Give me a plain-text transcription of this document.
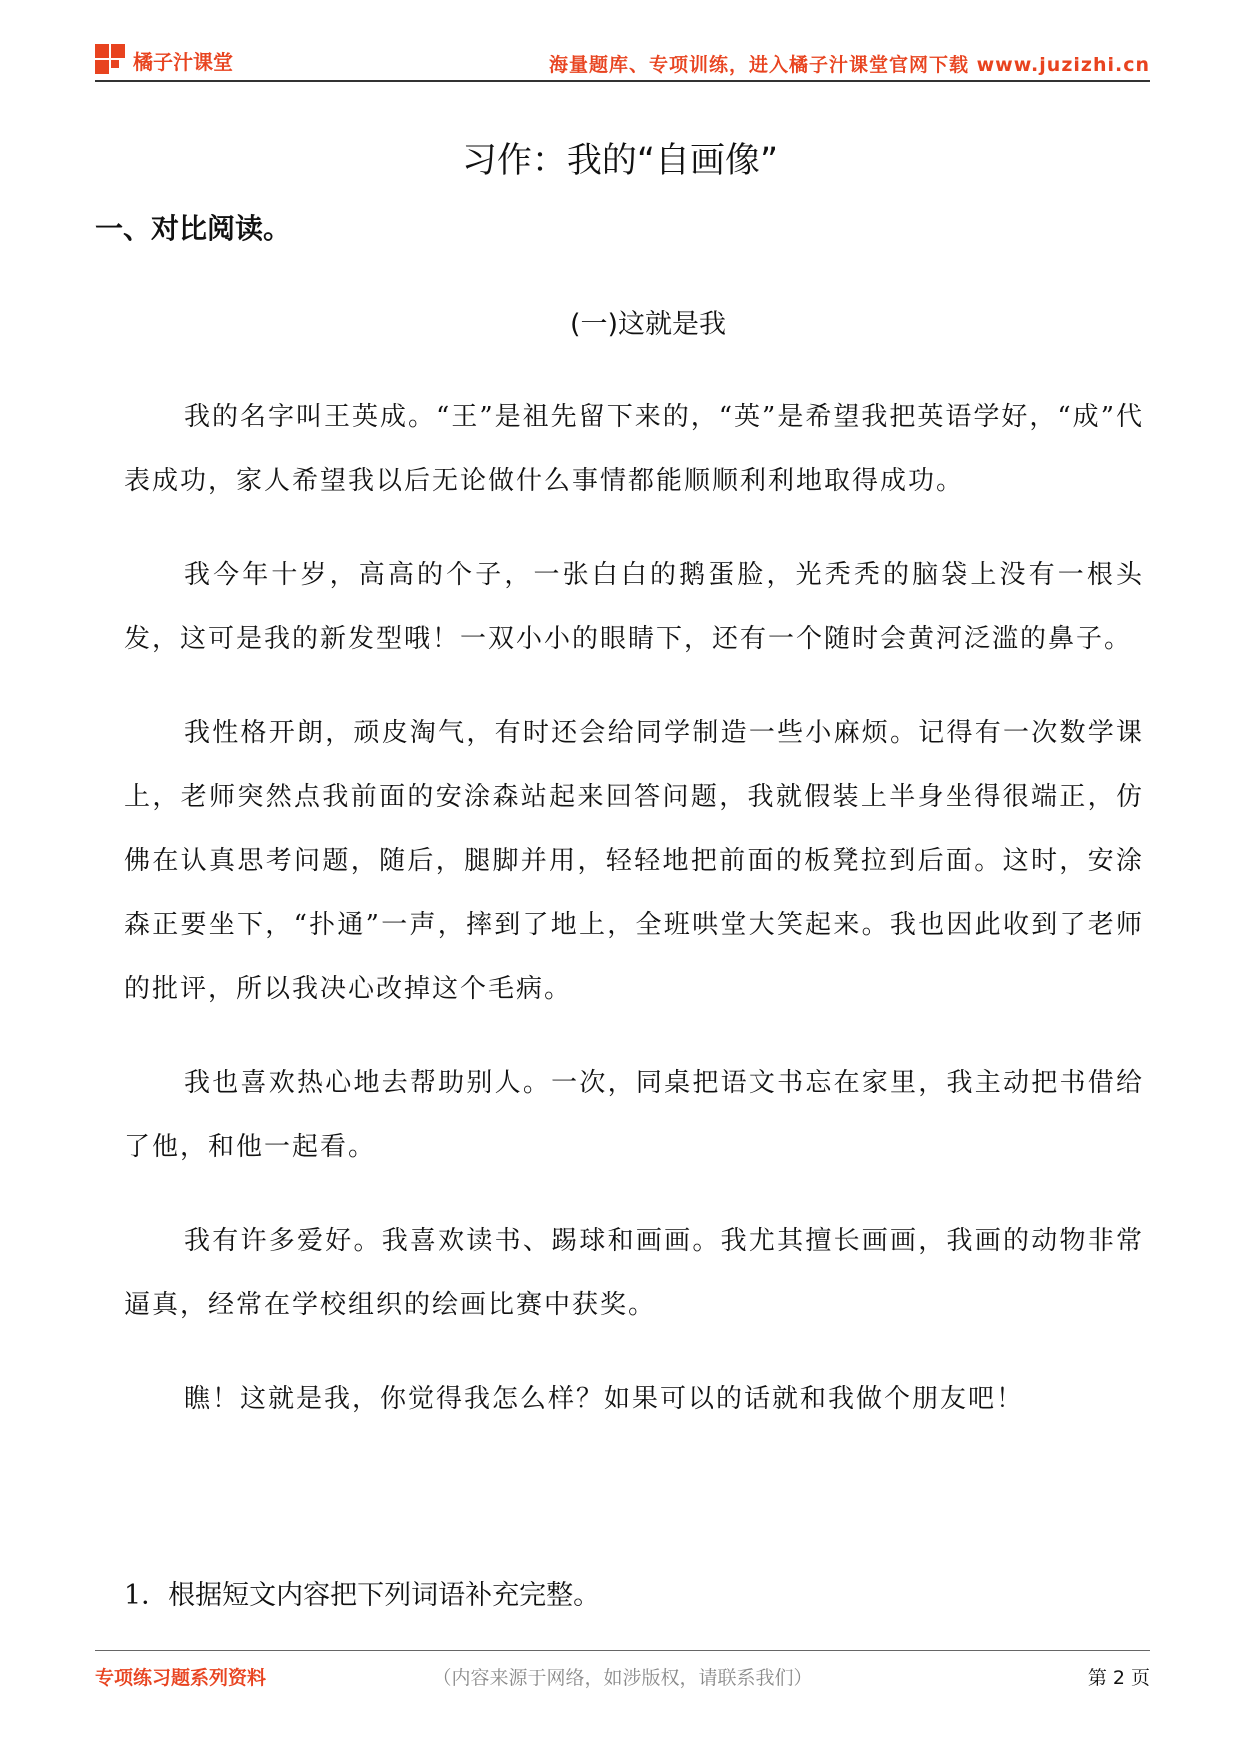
橘子汁课堂	海量题库、专项训练，进入橘子汁课堂官网下载 www.juzizhi.cn
习作：我的“自画像”
一、对比阅读。
(一)这就是我

我的名字叫王英成。“王”是祖先留下来的，“英”是希望我把英语学好，“成”代表成功，家人希望我以后无论做什么事情都能顺顺利利地取得成功。

我今年十岁，高高的个子，一张白白的鹅蛋脸，光秃秃的脑袋上没有一根头发，这可是我的新发型哦！一双小小的眼睛下，还有一个随时会黄河泛滥的鼻子。

我性格开朗，顽皮淘气，有时还会给同学制造一些小麻烦。记得有一次数学课上，老师突然点我前面的安涂森站起来回答问题，我就假装上半身坐得很端正，仿佛在认真思考问题，随后，腿脚并用，轻轻地把前面的板凳拉到后面。这时，安涂森正要坐下，“扑通”一声，摔到了地上，全班哄堂大笑起来。我也因此收到了老师的批评，所以我决心改掉这个毛病。

我也喜欢热心地去帮助别人。一次，同桌把语文书忘在家里，我主动把书借给了他，和他一起看。

我有许多爱好。我喜欢读书、踢球和画画。我尤其擅长画画，我画的动物非常逼真，经常在学校组织的绘画比赛中获奖。

瞧！这就是我，你觉得我怎么样？如果可以的话就和我做个朋友吧！

1．根据短文内容把下列词语补充完整。
专项练习题系列资料	（内容来源于网络，如涉版权，请联系我们）	第 2 页
